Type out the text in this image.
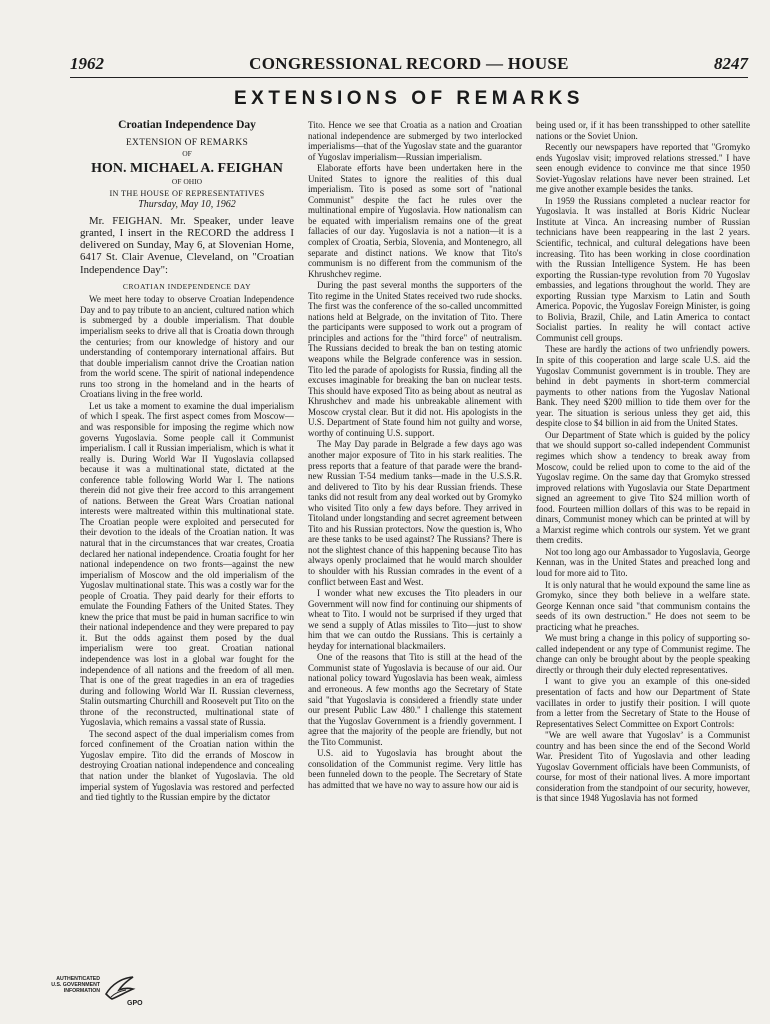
1962	CONGRESSIONAL RECORD — HOUSE	8247
EXTENSIONS OF REMARKS

Croatian Independence Day

EXTENSION OF REMARKS

OF

HON. MICHAEL A. FEIGHAN

OF OHIO

IN THE HOUSE OF REPRESENTATIVES

Thursday, May 10, 1962

Mr. FEIGHAN. Mr. Speaker, under leave granted, I insert in the RECORD the address I delivered on Sunday, May 6, at Slovenian Home, 6417 St. Clair Avenue, Cleveland, on "Croatian Independence Day":

CROATIAN INDEPENDENCE DAY

We meet here today to observe Croatian Independence Day and to pay tribute to an ancient, cultured nation which is submerged by a double imperialism. That double imperialism seeks to drive all that is Croatia down through the centuries; from our knowledge of history and our understanding of contemporary international affairs. But that double imperialism cannot drive the Croatian nation from the world scene. The spirit of national independence runs too strong in the homeland and in the hearts of Croatians living in the free world.

Let us take a moment to examine the dual imperialism of which I speak. The first aspect comes from Moscow—and was responsible for imposing the regime which now governs Yugoslavia. Some people call it Communist imperialism. I call it Russian imperialism, which is what it really is. During World War II Yugoslavia collapsed because it was a multinational state, dictated at the conference table following World War I. The nations therein did not give their free accord to this arrangement of nations. Between the Great Wars Croatian national interests were maltreated within this multinational state. The Croatian people were exploited and persecuted for their devotion to the ideals of the Croatian nation. It was natural that in the circumstances that war creates, Croatia declared her national independence. Croatia fought for her national independence on two fronts—against the new imperialism of Moscow and the old imperialism of the Yugoslav multinational state. This was a costly war for the people of Croatia. They paid dearly for their efforts to emulate the Founding Fathers of the United States. They knew the price that must be paid in human sacrifice to win their national independence and they were prepared to pay it. But the odds against them posed by the dual imperialism were too great. Croatian national independence was lost in a global war fought for the independence of all nations and the freedom of all men. That is one of the great tragedies in an era of tragedies during and following World War II. Russian cleverness, Stalin outsmarting Churchill and Roosevelt put Tito on the throne of the reconstructed, multinational state of Yugoslavia, which remains a vassal state of Russia.

The second aspect of the dual imperialism comes from forced confinement of the Croatian nation within the Yugoslav empire. Tito did the errands of Moscow in destroying Croatian national independence and concealing that nation under the blanket of Yugoslavia. The old imperial system of Yugoslavia was restored and perfected and tied tightly to the Russian empire by the dictator

Tito. Hence we see that Croatia as a nation and Croatian national independence are submerged by two interlocked imperialisms—that of the Yugoslav state and the guarantor of Yugoslav imperialism—Russian imperialism.

Elaborate efforts have been undertaken here in the United States to ignore the realities of this dual imperialism. Tito is posed as some sort of "national Communist" despite the fact he rules over the multinational empire of Yugoslavia. How nationalism can be equated with imperialism remains one of the great fallacies of our day. Yugoslavia is not a nation—it is a complex of Croatia, Serbia, Slovenia, and Montenegro, all separate and distinct nations. We know that Tito's communism is no different from the communism of the Khrushchev regime.

During the past several months the supporters of the Tito regime in the United States received two rude shocks. The first was the conference of the so-called uncommitted nations held at Belgrade, on the invitation of Tito. There the participants were supposed to work out a program of principles and actions for the "third force" of neutralism. The Russians decided to break the ban on testing atomic weapons while the Belgrade conference was in session. Tito led the parade of apologists for Russia, finding all the excuses imaginable for breaking the ban on nuclear tests. This should have exposed Tito as being about as neutral as Khrushchev and made his unbreakable alinement with Moscow crystal clear. But it did not. His apologists in the U.S. Department of State found him not guilty and worse, worthy of continuing U.S. support.

The May Day parade in Belgrade a few days ago was another major exposure of Tito in his stark realities. The press reports that a feature of that parade were the brand-new Russian T-54 medium tanks—made in the U.S.S.R. and delivered to Tito by his dear Russian friends. These tanks did not result from any deal worked out by Gromyko who visited Tito only a few days before. They arrived in Titoland under longstanding and secret agreement between Tito and his Russian protectors. Now the question is, Who are these tanks to be used against? The Russians? There is not the slightest chance of this happening because Tito has always openly proclaimed that he would march shoulder to shoulder with his Russian comrades in the event of a conflict between East and West.

I wonder what new excuses the Tito pleaders in our Government will now find for continuing our shipments of wheat to Tito. I would not be surprised if they urged that we send a supply of Atlas missiles to Tito—just to show him that we can outdo the Russians. This is certainly a heyday for international blackmailers.

One of the reasons that Tito is still at the head of the Communist state of Yugoslavia is because of our aid. Our national policy toward Yugoslavia has been weak, aimless and erroneous. A few months ago the Secretary of State said "that Yugoslavia is considered a friendly state under our present Public Law 480." I challenge this statement that the Yugoslav Government is a friendly government. I agree that the majority of the people are friendly, but not the Tito Communist.

U.S. aid to Yugoslavia has brought about the consolidation of the Communist regime. Very little has been funneled down to the people. The Secretary of State has admitted that we have no way to assure how our aid is

being used or, if it has been transshipped to other satellite nations or the Soviet Union.

Recently our newspapers have reported that "Gromyko ends Yugoslav visit; improved relations stressed." I have seen enough evidence to convince me that since 1950 Soviet-Yugoslav relations have never been strained. Let me give another example besides the tanks.

In 1959 the Russians completed a nuclear reactor for Yugoslavia. It was installed at Boris Kidric Nuclear Institute at Vinca. An increasing number of Russian technicians have been reappearing in the last 2 years. Scientific, technical, and cultural delegations have been increasing. Tito has been working in close coordination with the Russian Intelligence System. He has been exporting the Russian-type revolution from 70 Yugoslav embassies, and legations throughout the world. They are exporting Russian type Marxism to Latin and South America. Popovic, the Yugoslav Foreign Minister, is going to Bolivia, Brazil, Chile, and Latin America to contact Socialist parties. In reality he will contact active Communist cell groups.

These are hardly the actions of two unfriendly powers. In spite of this cooperation and large scale U.S. aid the Yugoslav Communist government is in trouble. They are behind in debt payments in short-term commercial payments to other nations from the Yugoslav National Bank. They need $200 million to tide them over for the year. The situation is serious unless they get aid, this despite close to $4 billion in aid from the United States.

Our Department of State which is guided by the policy that we should support so-called independent Communist regimes which show a tendency to break away from Moscow, could be relied upon to come to the aid of the Yugoslav regime. On the same day that Gromyko stressed improved relations with Yugoslavia our State Department signed an agreement to give Tito $24 million worth of food. Fourteen million dollars of this was to be repaid in dinars, Communist money which can be printed at will by a Marxist regime which controls our system. Yet we grant them credits.

Not too long ago our Ambassador to Yugoslavia, George Kennan, was in the United States and preached long and loud for more aid to Tito.

It is only natural that he would expound the same line as Gromyko, since they both believe in a welfare state. George Kennan once said "that communism contains the seeds of its own destruction." He does not seem to be practicing what he preaches.

We must bring a change in this policy of supporting so-called independent or any type of Communist regime. The change can only be brought about by the people speaking directly or through their duly elected representatives.

I want to give you an example of this one-sided presentation of facts and how our Department of State vacillates in order to justify their position. I will quote from a letter from the Secretary of State to the House of Representatives Select Committee on Export Controls:

"We are well aware that Yugoslav’ is a Communist country and has been since the end of the Second World War. President Tito of Yugoslavia and other leading Yugoslav Government officials have been Communists, of course, for most of their national lives. A more important consideration from the standpoint of our security, however, is that since 1948 Yugoslavia has not formed

AUTHENTICATED
U.S. GOVERNMENT
INFORMATION
GPO
